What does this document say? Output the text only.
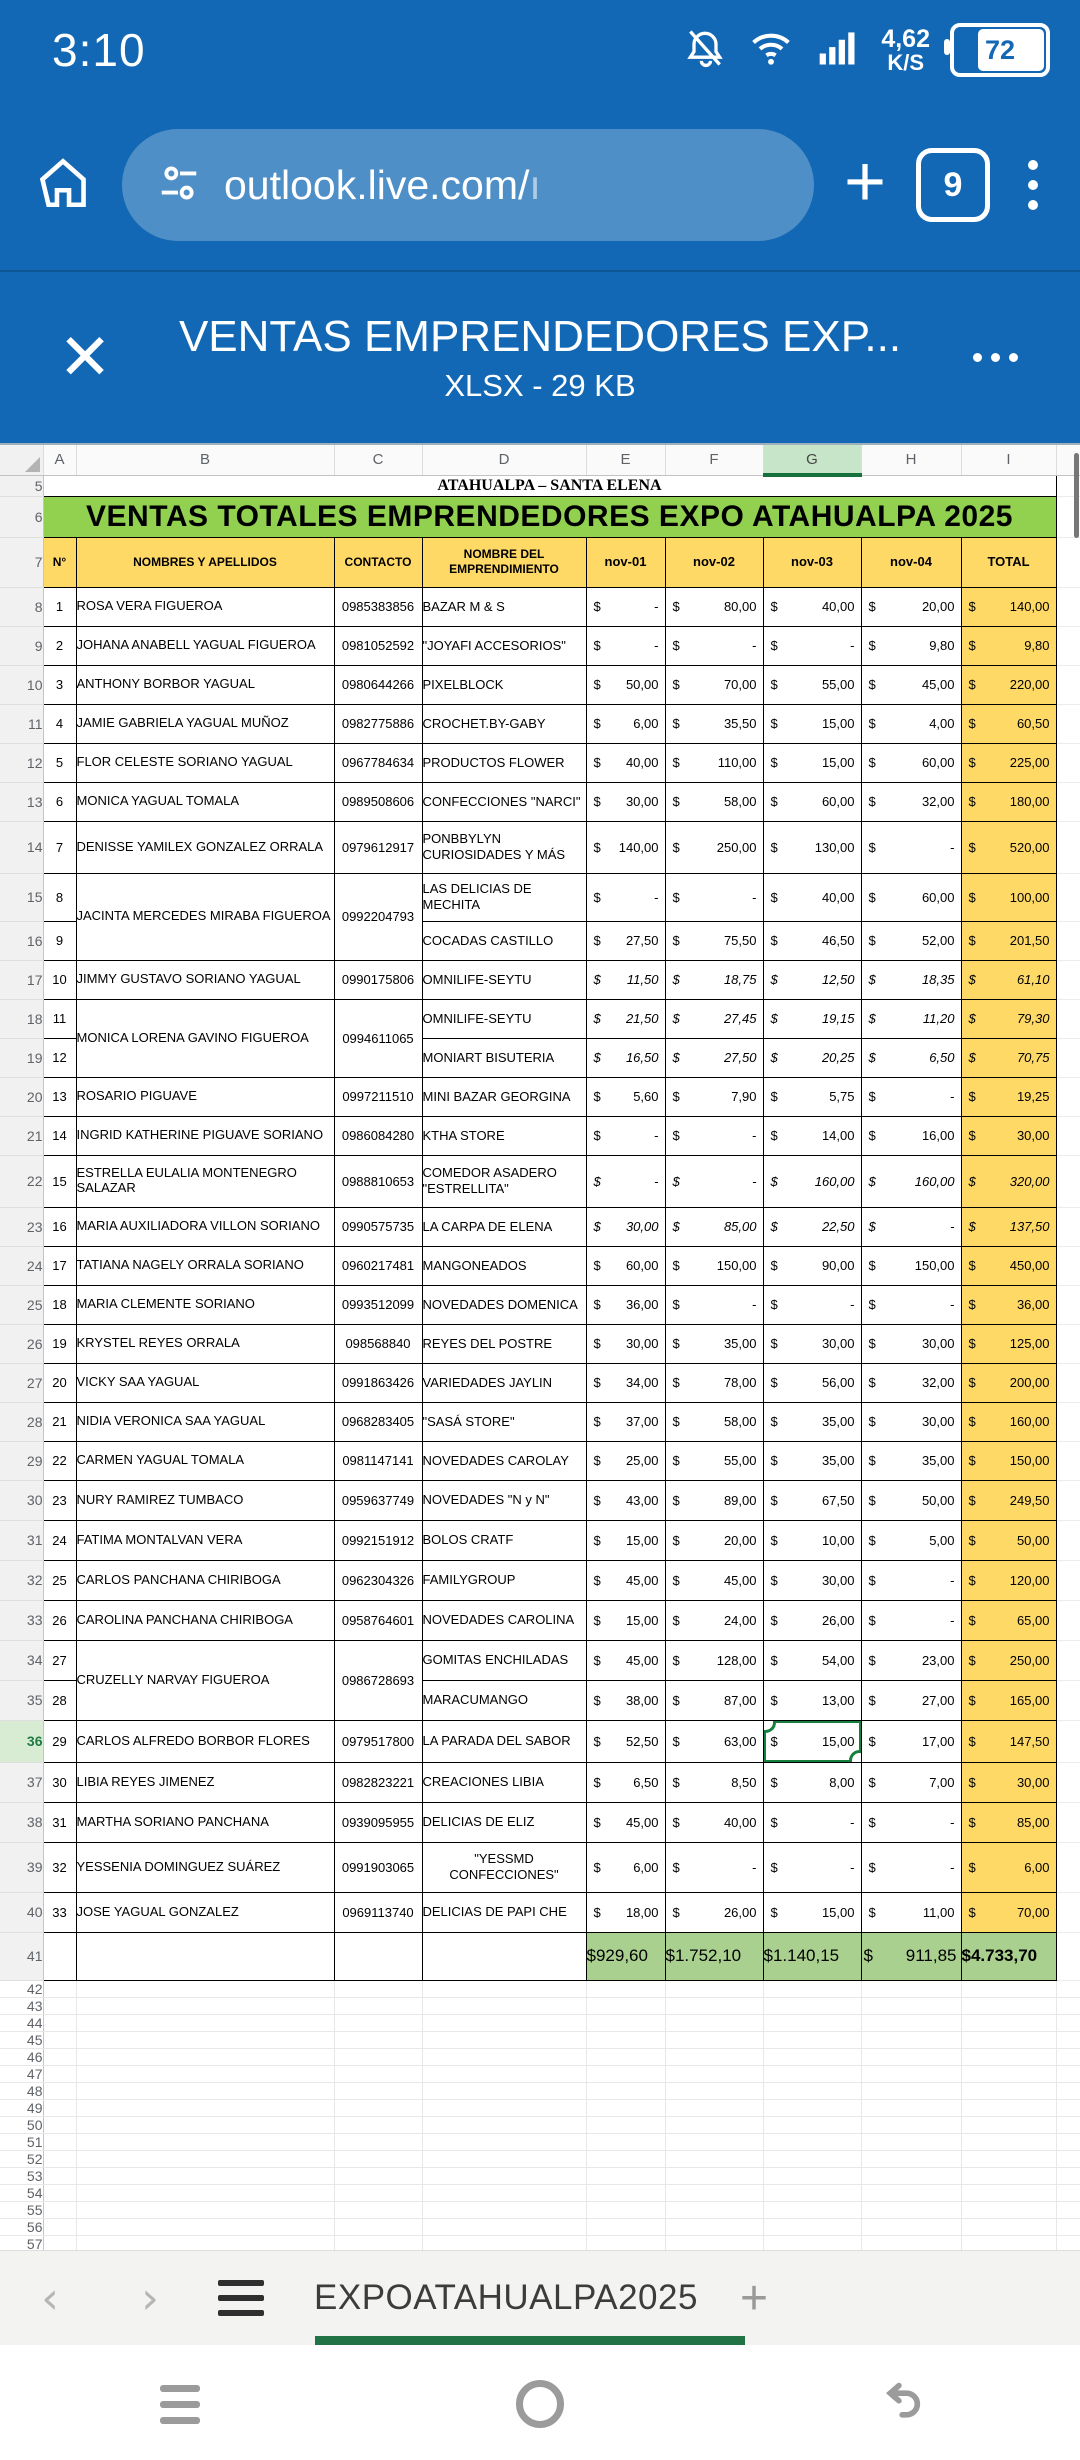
3:10	4,62
K/S 72
outlook.live.com/ı	+ 9
✕	VENTAS EMPRENDEDORES EXP...
XLSX - 29 KB
	A	B	C	D	E	F	G	H	I	
5	ATAHUALPA – SANTA ELENA									
6	VENTAS TOTALES EMPRENDEDORES EXPO ATAHUALPA 2025									
7	N°	NOMBRES Y APELLIDOS	CONTACTO	NOMBRE DEL EMPRENDIMIENTO	nov-01	nov-02	nov-03	nov-04	TOTAL	
8	1	ROSA VERA FIGUEROA	0985383856	BAZAR M & S	$ -	$ 80,00	$ 40,00	$ 20,00	$ 140,00	

9	2	JOHANA ANABELL YAGUAL FIGUEROA	0981052592	"JOYAFI ACCESORIOS"	$ -	$ -	$ -	$ 9,80	$ 9,80	

10	3	ANTHONY BORBOR YAGUAL	0980644266	PIXELBLOCK	$ 50,00	$ 70,00	$ 55,00	$ 45,00	$ 220,00	

11	4	JAMIE GABRIELA YAGUAL MUÑOZ	0982775886	CROCHET.BY-GABY	$ 6,00	$ 35,50	$ 15,00	$ 4,00	$ 60,50	

12	5	FLOR CELESTE SORIANO YAGUAL	0967784634	PRODUCTOS FLOWER	$ 40,00	$ 110,00	$ 15,00	$ 60,00	$ 225,00	

13	6	MONICA YAGUAL TOMALA	0989508606	CONFECCIONES "NARCI"	$ 30,00	$ 58,00	$ 60,00	$ 32,00	$ 180,00	

14	7	DENISSE YAMILEX GONZALEZ ORRALA	0979612917	PONBBYLYN CURIOSIDADES Y MÁS	$ 140,00	$ 250,00	$ 130,00	$ -	$ 520,00	

15	8	JACINTA MERCEDES MIRABA FIGUEROA	0992204793	LAS DELICIAS DE MECHITA	$ -	$ -	$ 40,00	$ 60,00	$ 100,00	

16	9			COCADAS CASTILLO	$ 27,50	$ 75,50	$ 46,50	$ 52,00	$ 201,50	

17	10	JIMMY GUSTAVO SORIANO YAGUAL	0990175806	OMNILIFE-SEYTU	$ 11,50	$ 18,75	$ 12,50	$ 18,35	$ 61,10	

18	11	MONICA LORENA GAVINO FIGUEROA	0994611065	OMNILIFE-SEYTU	$ 21,50	$ 27,45	$ 19,15	$ 11,20	$ 79,30	

19	12			MONIART BISUTERIA	$ 16,50	$ 27,50	$ 20,25	$ 6,50	$ 70,75	

20	13	ROSARIO PIGUAVE	0997211510	MINI BAZAR GEORGINA	$ 5,60	$ 7,90	$ 5,75	$ -	$ 19,25	

21	14	INGRID KATHERINE PIGUAVE SORIANO	0986084280	KTHA STORE	$ -	$ -	$ 14,00	$ 16,00	$ 30,00	

22	15	ESTRELLA EULALIA MONTENEGRO SALAZAR	0988810653	COMEDOR ASADERO "ESTRELLITA"	$ -	$ -	$ 160,00	$ 160,00	$ 320,00	

23	16	MARIA AUXILIADORA VILLON SORIANO	0990575735	LA CARPA DE ELENA	$ 30,00	$ 85,00	$ 22,50	$ -	$ 137,50	

24	17	TATIANA NAGELY ORRALA SORIANO	0960217481	MANGONEADOS	$ 60,00	$ 150,00	$ 90,00	$ 150,00	$ 450,00	

25	18	MARIA CLEMENTE SORIANO	0993512099	NOVEDADES DOMENICA	$ 36,00	$ -	$ -	$ -	$ 36,00	

26	19	KRYSTEL REYES ORRALA	098568840	REYES DEL POSTRE	$ 30,00	$ 35,00	$ 30,00	$ 30,00	$ 125,00	

27	20	VICKY SAA YAGUAL	0991863426	VARIEDADES JAYLIN	$ 34,00	$ 78,00	$ 56,00	$ 32,00	$ 200,00	

28	21	NIDIA VERONICA SAA YAGUAL	0968283405	"SASÁ STORE"	$ 37,00	$ 58,00	$ 35,00	$ 30,00	$ 160,00	

29	22	CARMEN YAGUAL TOMALA	0981147141	NOVEDADES CAROLAY	$ 25,00	$ 55,00	$ 35,00	$ 35,00	$ 150,00	

30	23	NURY RAMIREZ TUMBACO	0959637749	NOVEDADES "N y N"	$ 43,00	$ 89,00	$ 67,50	$ 50,00	$ 249,50	

31	24	FATIMA MONTALVAN VERA	0992151912	BOLOS CRATF	$ 15,00	$ 20,00	$ 10,00	$ 5,00	$ 50,00	

32	25	CARLOS PANCHANA CHIRIBOGA	0962304326	FAMILYGROUP	$ 45,00	$ 45,00	$ 30,00	$ -	$ 120,00	

33	26	CAROLINA PANCHANA CHIRIBOGA	0958764601	NOVEDADES CAROLINA	$ 15,00	$ 24,00	$ 26,00	$ -	$ 65,00	

34	27	CRUZELLY NARVAY FIGUEROA	0986728693	GOMITAS ENCHILADAS	$ 45,00	$ 128,00	$ 54,00	$ 23,00	$ 250,00	

35	28			MARACUMANGO	$ 38,00	$ 87,00	$ 13,00	$ 27,00	$ 165,00	

36	29	CARLOS ALFREDO BORBOR FLORES	0979517800	LA PARADA DEL SABOR	$ 52,50	$ 63,00	$ 15,00	$ 17,00	$ 147,50	

37	30	LIBIA REYES JIMENEZ	0982823221	CREACIONES LIBIA	$ 6,50	$ 8,50	$ 8,00	$ 7,00	$ 30,00	

38	31	MARTHA SORIANO PANCHANA	0939095955	DELICIAS DE ELIZ	$ 45,00	$ 40,00	$ -	$ -	$ 85,00	

39	32	YESSENIA DOMINGUEZ SUÁREZ	0991903065	"YESSMD CONFECCIONES"	$ 6,00	$ -	$ -	$ -	$ 6,00	

40	33	JOSE YAGUAL GONZALEZ	0969113740	DELICIAS DE PAPI CHE	$ 18,00	$ 26,00	$ 15,00	$ 11,00	$ 70,00	

41					$929,60	$1.752,10	$1.140,15	$ 911,85	$4.733,70	
42										
43										
44										
45										
46										
47										
48										
49										
50										
51										
52										
53										
54										
55										
56										
57										
‹	›	EXPOATAHUALPA2025 +
